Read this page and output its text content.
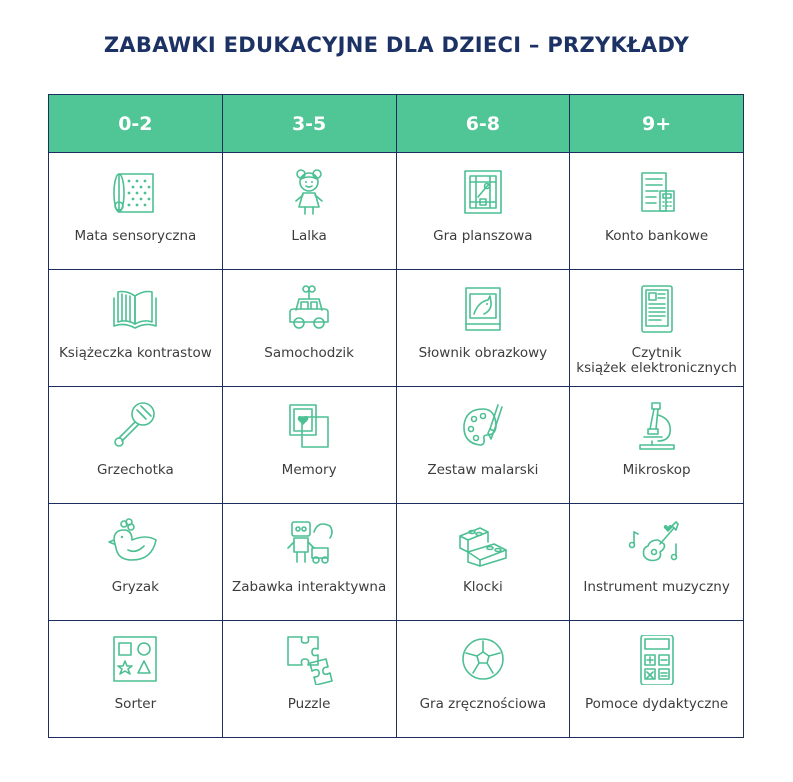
ZABAWKI EDUKACYJNE DLA DZIECI – PRZYKŁADY
0-2	3-5	6-8	9+

Mata sensoryczna	Lalka	Gra planszowa	Konto bankowe

Książeczka kontrastow	Samochodzik	Słownik obrazkowy	Czytnik
książek elektronicznych

Grzechotka	Memory	Zestaw malarski	Mikroskop

Gryzak	Zabawka interaktywna	Klocki	Instrument muzyczny

Sorter	Puzzle	Gra zręcznościowa	Pomoce dydaktyczne
